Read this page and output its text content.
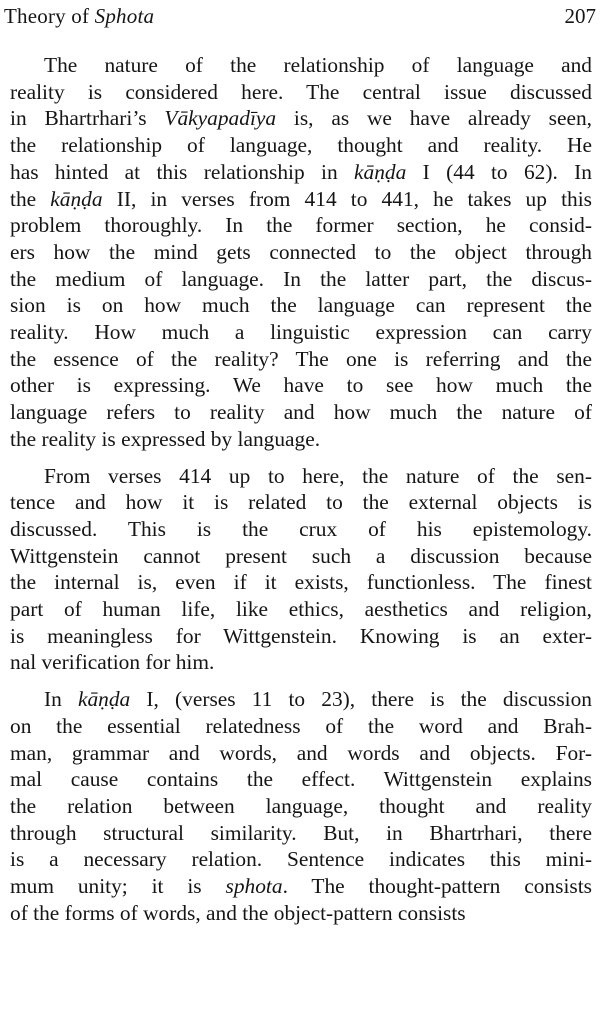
Theory of Sphota	207
The nature of the relationship of language and
reality is considered here. The central issue discussed
in Bhartrhari’s Vākyapadīya is, as we have already seen,
the relationship of language, thought and reality. He
has hinted at this relationship in kāṇḍa I (44 to 62). In
the kāṇḍa II, in verses from 414 to 441, he takes up this
problem thoroughly. In the former section, he consid-
ers how the mind gets connected to the object through
the medium of language. In the latter part, the discus-
sion is on how much the language can represent the
reality. How much a linguistic expression can carry
the essence of the reality? The one is referring and the
other is expressing. We have to see how much the
language refers to reality and how much the nature of
the reality is expressed by language.
From verses 414 up to here, the nature of the sen-
tence and how it is related to the external objects is
discussed. This is the crux of his epistemology.
Wittgenstein cannot present such a discussion because
the internal is, even if it exists, functionless. The finest
part of human life, like ethics, aesthetics and religion,
is meaningless for Wittgenstein. Knowing is an exter-
nal verification for him.
In kāṇḍa I, (verses 11 to 23), there is the discussion
on the essential relatedness of the word and Brah-
man, grammar and words, and words and objects. For-
mal cause contains the effect. Wittgenstein explains
the relation between language, thought and reality
through structural similarity. But, in Bhartrhari, there
is a necessary relation. Sentence indicates this mini-
mum unity; it is sphota. The thought-pattern consists
of the forms of words, and the object-pattern consists
